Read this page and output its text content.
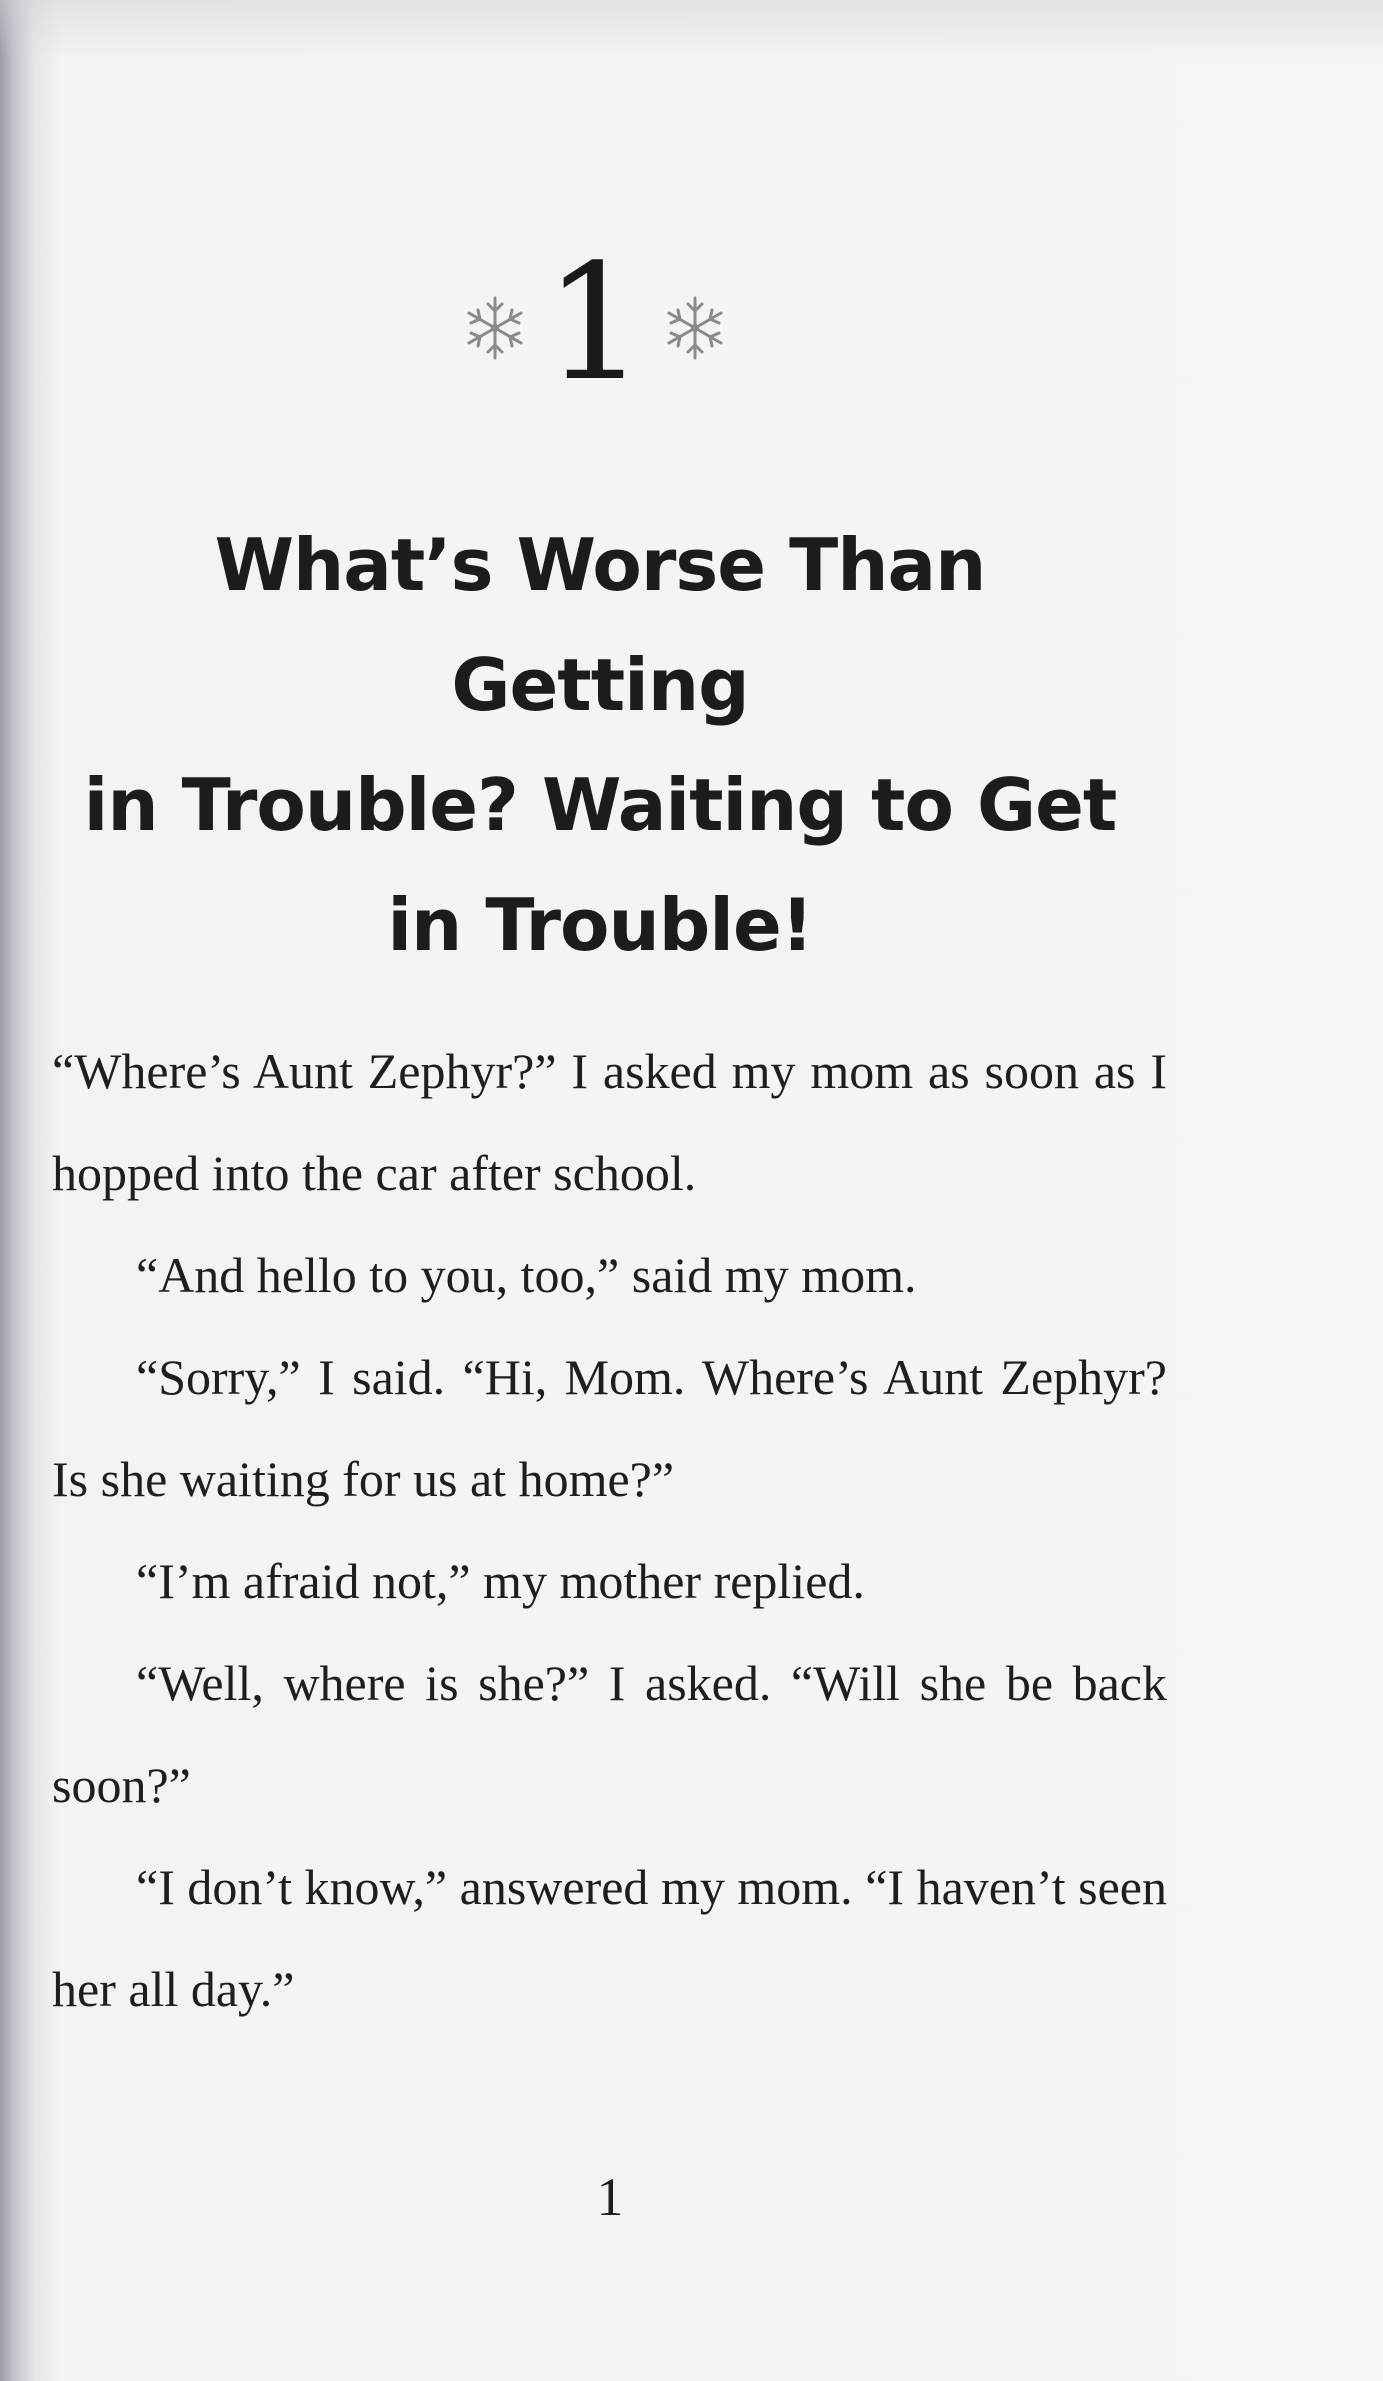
1
What’s Worse Than Getting
in Trouble? Waiting to Get
in Trouble!

“Where’s Aunt Zephyr?” I asked my mom as soon as I hopped into the car after school.

“And hello to you, too,” said my mom.

“Sorry,” I said. “Hi, Mom. Where’s Aunt Zephyr? Is she waiting for us at home?”

“I’m afraid not,” my mother replied.

“Well, where is she?” I asked. “Will she be back soon?”

“I don’t know,” answered my mom. “I haven’t seen her all day.”

1
